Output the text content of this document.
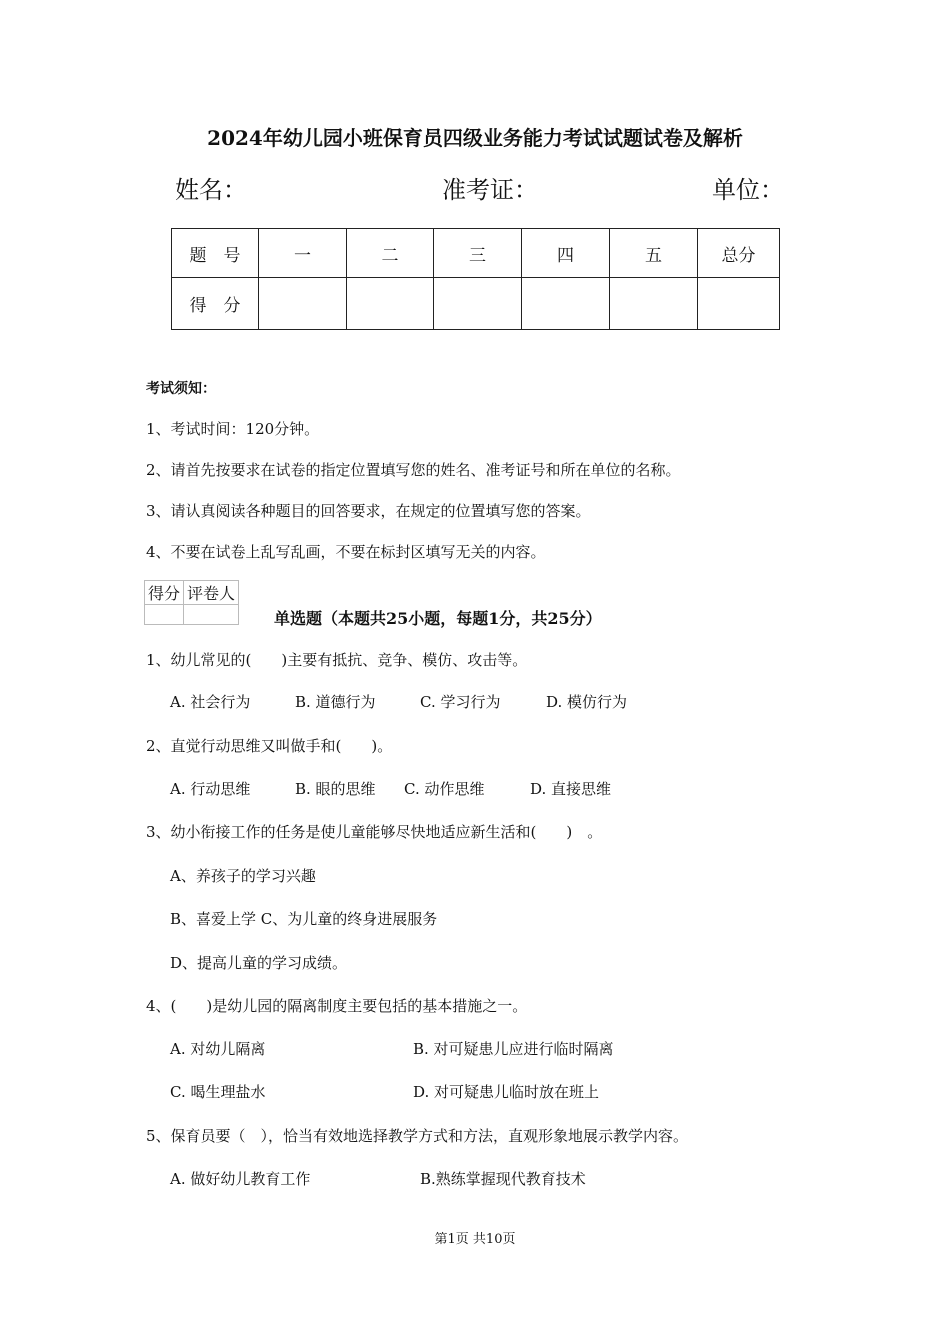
2024年幼儿园小班保育员四级业务能力考试试题试卷及解析
姓名：	准考证：	单位：
题　号	一	二	三	四	五	总分
得　分						
考试须知：
1、考试时间：120分钟。
2、请首先按要求在试卷的指定位置填写您的姓名、准考证号和所在单位的名称。
3、请认真阅读各种题目的回答要求，在规定的位置填写您的答案。
4、不要在试卷上乱写乱画，不要在标封区填写无关的内容。
得分	评卷人

单选题（本题共25小题，每题1分，共25分）
1、幼儿常见的(　　)主要有抵抗、竞争、模仿、攻击等。
A. 社会行为	B. 道德行为	C. 学习行为	D. 模仿行为
2、直觉行动思维又叫做手和(　　)。
A. 行动思维	B. 眼的思维 C. 动作思维	D. 直接思维
3、幼小衔接工作的任务是使儿童能够尽快地适应新生活和(　　)　。
A、养孩子的学习兴趣
B、喜爱上学 C、为儿童的终身进展服务
D、提高儿童的学习成绩。
4、(　　)是幼儿园的隔离制度主要包括的基本措施之一。
A. 对幼儿隔离	B. 对可疑患儿应进行临时隔离
C. 喝生理盐水	D. 对可疑患儿临时放在班上
5、保育员要（　），恰当有效地选择教学方式和方法，直观形象地展示教学内容。
A. 做好幼儿教育工作	B.熟练掌握现代教育技术
第1页 共10页
